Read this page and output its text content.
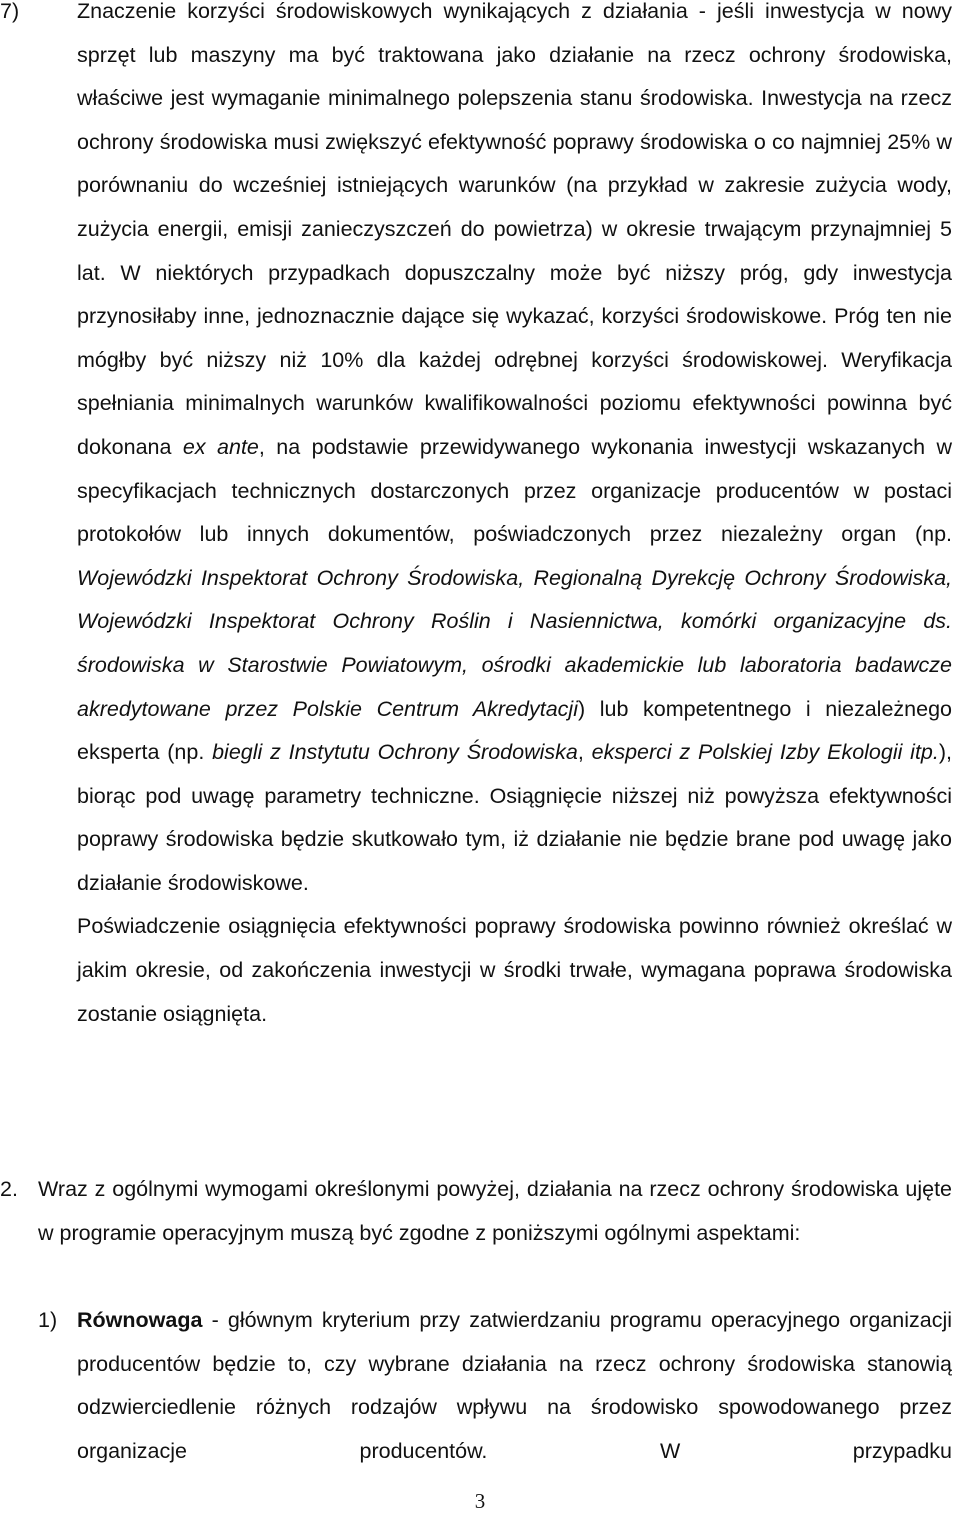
7)	Znaczenie korzyści środowiskowych wynikających z działania - jeśli inwestycja w nowy sprzęt lub maszyny ma być traktowana jako działanie na rzecz ochrony środowiska, właściwe jest wymaganie minimalnego polepszenia stanu środowiska. Inwestycja na rzecz ochrony środowiska musi zwiększyć efektywność poprawy środowiska o co najmniej 25% w porównaniu do wcześniej istniejących warunków (na przykład w zakresie zużycia wody, zużycia energii, emisji zanieczyszczeń do powietrza) w okresie trwającym przynajmniej 5 lat. W niektórych przypadkach dopuszczalny może być niższy próg, gdy inwestycja przynosiłaby inne, jednoznacznie dające się wykazać, korzyści środowiskowe. Próg ten nie mógłby być niższy niż 10% dla każdej odrębnej korzyści środowiskowej. Weryfikacja spełniania minimalnych warunków kwalifikowalności poziomu efektywności powinna być dokonana ex ante, na podstawie przewidywanego wykonania inwestycji wskazanych w specyfikacjach technicznych dostarczonych przez organizacje producentów w postaci protokołów lub innych dokumentów, poświadczonych przez niezależny organ (np. Wojewódzki Inspektorat Ochrony Środowiska, Regionalną Dyrekcję Ochrony Środowiska, Wojewódzki Inspektorat Ochrony Roślin i Nasiennictwa, komórki organizacyjne ds. środowiska w Starostwie Powiatowym, ośrodki akademickie lub laboratoria badawcze akredytowane przez Polskie Centrum Akredytacji) lub kompetentnego i niezależnego eksperta (np. biegli z Instytutu Ochrony Środowiska, eksperci z Polskiej Izby Ekologii itp.), biorąc pod uwagę parametry techniczne. Osiągnięcie niższej niż powyższa efektywności poprawy środowiska będzie skutkowało tym, iż działanie nie będzie brane pod uwagę jako działanie środowiskowe.

Poświadczenie osiągnięcia efektywności poprawy środowiska powinno również określać w jakim okresie, od zakończenia inwestycji w środki trwałe, wymagana poprawa środowiska zostanie osiągnięta.

2. Wraz z ogólnymi wymogami określonymi powyżej, działania na rzecz ochrony środowiska ujęte w programie operacyjnym muszą być zgodne z poniższymi ogólnymi aspektami:

1) Równowaga - głównym kryterium przy zatwierdzaniu programu operacyjnego organizacji producentów będzie to, czy wybrane działania na rzecz ochrony środowiska stanowią odzwierciedlenie różnych rodzajów wpływu na środowisko spowodowanego przez organizacje producentów. W przypadku

3
